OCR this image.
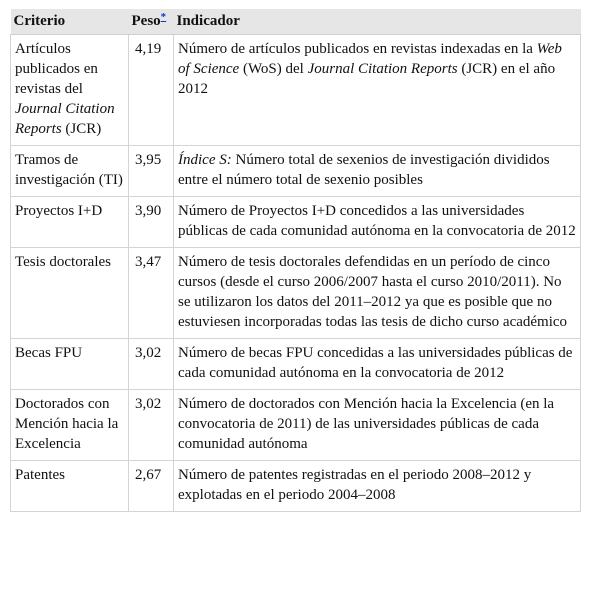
Criterio	Peso*	Indicador
Artículos publicados en revistas del Journal Citation Reports (JCR)	4,19	Número de artículos publicados en revistas indexadas en la Web of Science (WoS) del Journal Citation Reports (JCR) en el año 2012
Tramos de investigación (TI)	3,95	Índice S: Número total de sexenios de investigación divididos entre el número total de sexenio posibles
Proyectos I+D	3,90	Número de Proyectos I+D concedidos a las universidades públicas de cada comunidad autónoma en la convocatoria de 2012
Tesis doctorales	3,47	Número de tesis doctorales defendidas en un período de cinco cursos (desde el curso 2006/2007 hasta el curso 2010/2011). No se utilizaron los datos del 2011–2012 ya que es posible que no estuviesen incorporadas todas las tesis de dicho curso académico
Becas FPU	3,02	Número de becas FPU concedidas a las universidades públicas de cada comunidad autónoma en la convocatoria de 2012
Doctorados con Mención hacia la Excelencia	3,02	Número de doctorados con Mención hacia la Excelencia (en la convocatoria de 2011) de las universidades públicas de cada comunidad autónoma
Patentes	2,67	Número de patentes registradas en el periodo 2008–2012 y explotadas en el periodo 2004–2008
